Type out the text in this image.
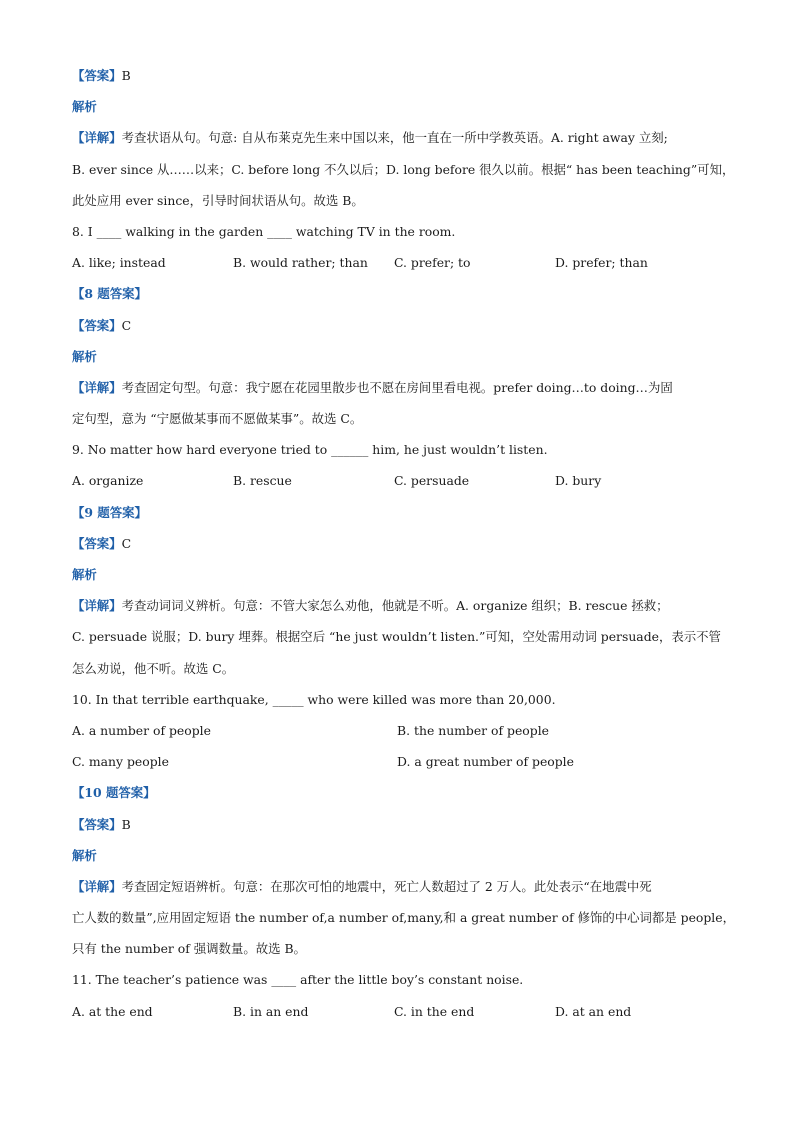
【答案】B
解析
【详解】考查状语从句。句意: 自从布莱克先生来中国以来，他一直在一所中学教英语。A. right away 立刻;
B. ever since 从……以来；C. before long 不久以后；D. long before 很久以前。根据“ has been teaching”可知，
此处应用 ever since，引导时间状语从句。故选 B。
8. I ____ walking in the garden ____ watching TV in the room.
A. like; instead	B. would rather; than	C. prefer; to	D. prefer; than
【8 题答案】
【答案】C
解析
【详解】考查固定句型。句意：我宁愿在花园里散步也不愿在房间里看电视。prefer doing…to doing…为固
定句型，意为 “宁愿做某事而不愿做某事”。故选 C。
9. No matter how hard everyone tried to ______ him, he just wouldn’t listen.
A. organize	B. rescue	C. persuade	D. bury
【9 题答案】
【答案】C
解析
【详解】考查动词词义辨析。句意：不管大家怎么劝他，他就是不听。A. organize 组织；B. rescue 拯救；
C. persuade 说服；D. bury 埋葬。根据空后 “he just wouldn’t listen.”可知，空处需用动词 persuade，表示不管
怎么劝说，他不听。故选 C。
10. In that terrible earthquake, _____ who were killed was more than 20,000.
A. a number of people	B. the number of people
C. many people	D. a great number of people
【10 题答案】
【答案】B
解析
【详解】考查固定短语辨析。句意：在那次可怕的地震中，死亡人数超过了 2 万人。此处表示“在地震中死
亡人数的数量”,应用固定短语 the number of,a number of,many,和 a great number of 修饰的中心词都是 people，
只有 the number of 强调数量。故选 B。
11. The teacher’s patience was ____ after the little boy’s constant noise.
A. at the end	B. in an end	C. in the end	D. at an end
